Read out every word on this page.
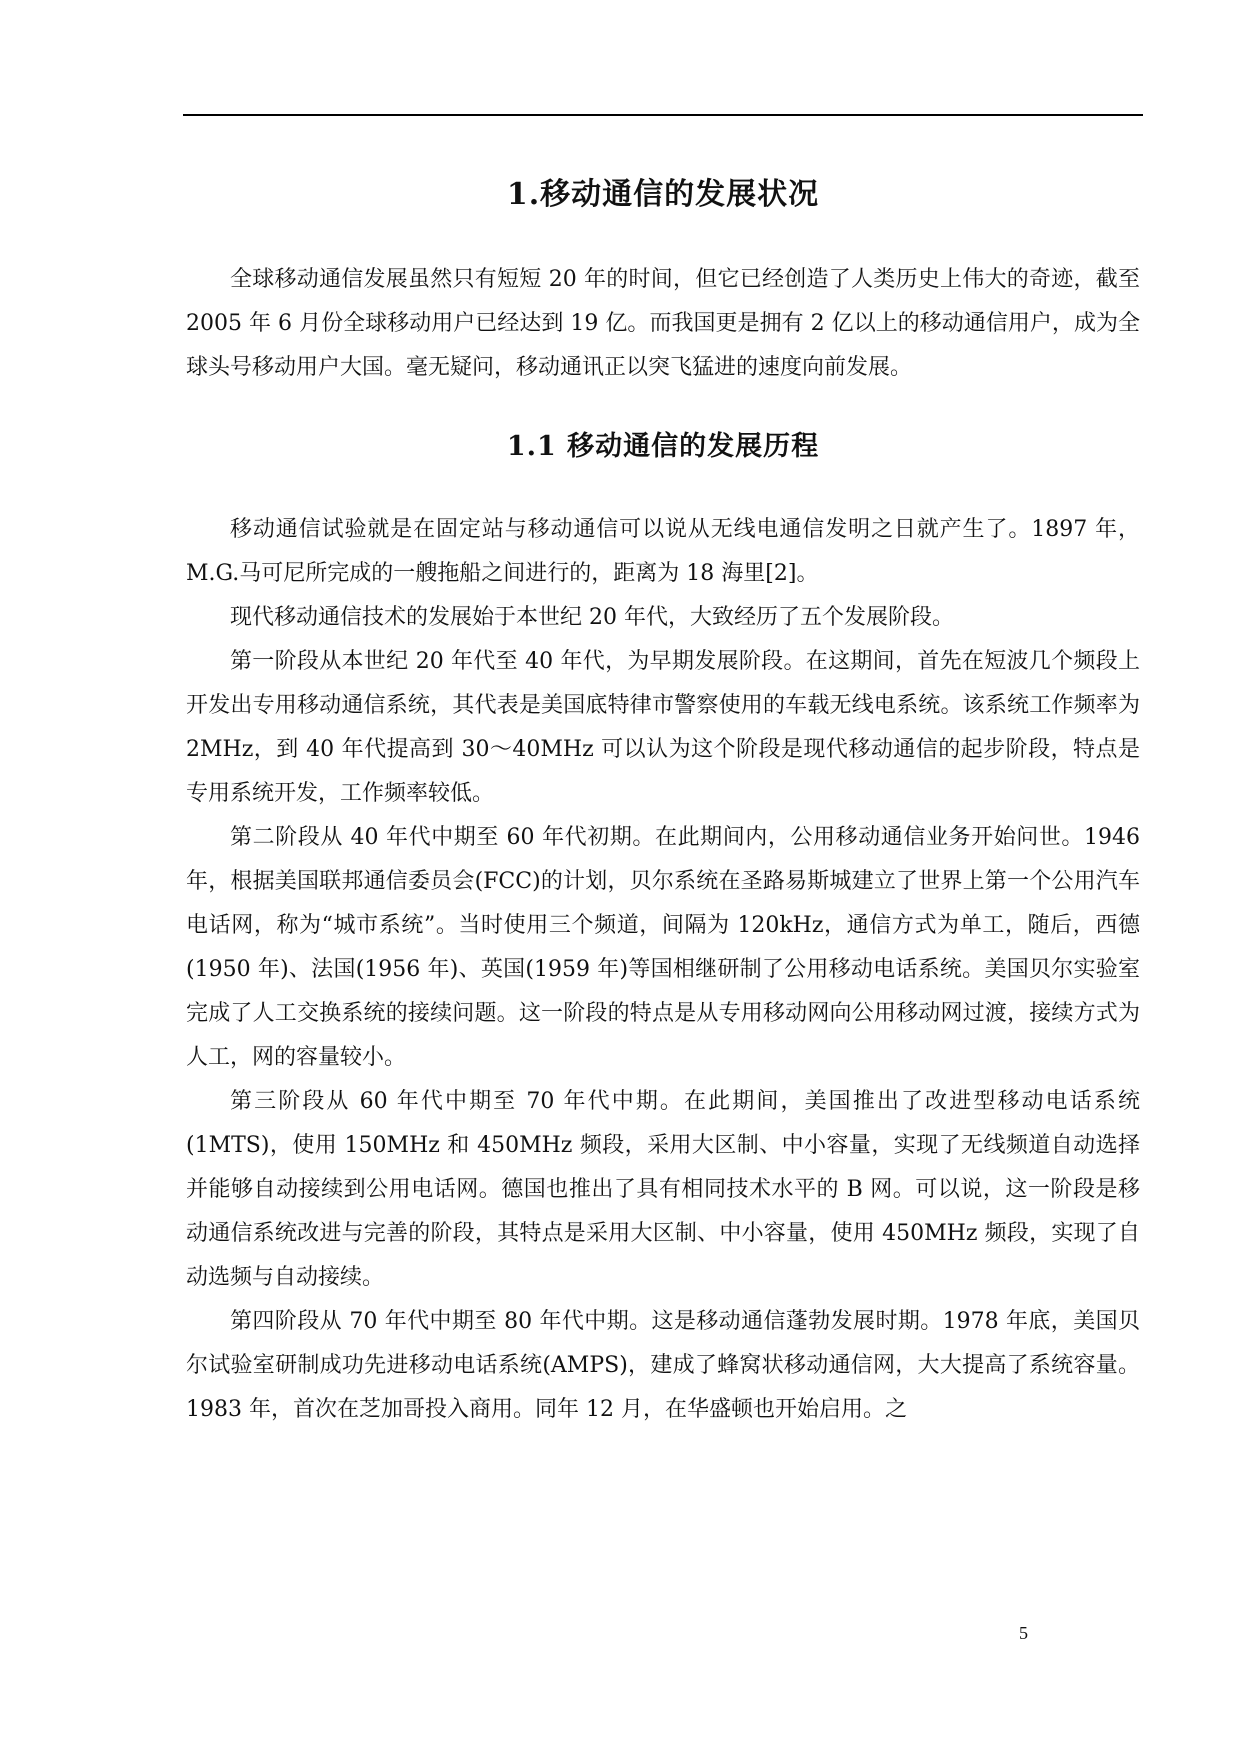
1.移动通信的发展状况

全球移动通信发展虽然只有短短 20 年的时间，但它已经创造了人类历史上伟大的奇迹，截至 2005 年 6 月份全球移动用户已经达到 19 亿。而我国更是拥有 2 亿以上的移动通信用户，成为全球头号移动用户大国。毫无疑问，移动通讯正以突飞猛进的速度向前发展。

1.1 移动通信的发展历程

移动通信试验就是在固定站与移动通信可以说从无线电通信发明之日就产生了。1897 年，M.G.马可尼所完成的一艘拖船之间进行的，距离为 18 海里[2]。

现代移动通信技术的发展始于本世纪 20 年代，大致经历了五个发展阶段。

第一阶段从本世纪 20 年代至 40 年代，为早期发展阶段。在这期间，首先在短波几个频段上开发出专用移动通信系统，其代表是美国底特律市警察使用的车载无线电系统。该系统工作频率为 2MHz，到 40 年代提高到 30～40MHz 可以认为这个阶段是现代移动通信的起步阶段，特点是专用系统开发，工作频率较低。

第二阶段从 40 年代中期至 60 年代初期。在此期间内，公用移动通信业务开始问世。1946 年，根据美国联邦通信委员会(FCC)的计划，贝尔系统在圣路易斯城建立了世界上第一个公用汽车电话网，称为“城市系统”。当时使用三个频道，间隔为 120kHz，通信方式为单工，随后，西德(1950 年)、法国(1956 年)、英国(1959 年)等国相继研制了公用移动电话系统。美国贝尔实验室完成了人工交换系统的接续问题。这一阶段的特点是从专用移动网向公用移动网过渡，接续方式为人工，网的容量较小。

第三阶段从 60 年代中期至 70 年代中期。在此期间，美国推出了改进型移动电话系统(1MTS)，使用 150MHz 和 450MHz 频段，采用大区制、中小容量，实现了无线频道自动选择并能够自动接续到公用电话网。德国也推出了具有相同技术水平的 B 网。可以说，这一阶段是移动通信系统改进与完善的阶段，其特点是采用大区制、中小容量，使用 450MHz 频段，实现了自动选频与自动接续。

第四阶段从 70 年代中期至 80 年代中期。这是移动通信蓬勃发展时期。1978 年底，美国贝尔试验室研制成功先进移动电话系统(AMPS)，建成了蜂窝状移动通信网，大大提高了系统容量。1983 年，首次在芝加哥投入商用。同年 12 月，在华盛顿也开始启用。之

5
